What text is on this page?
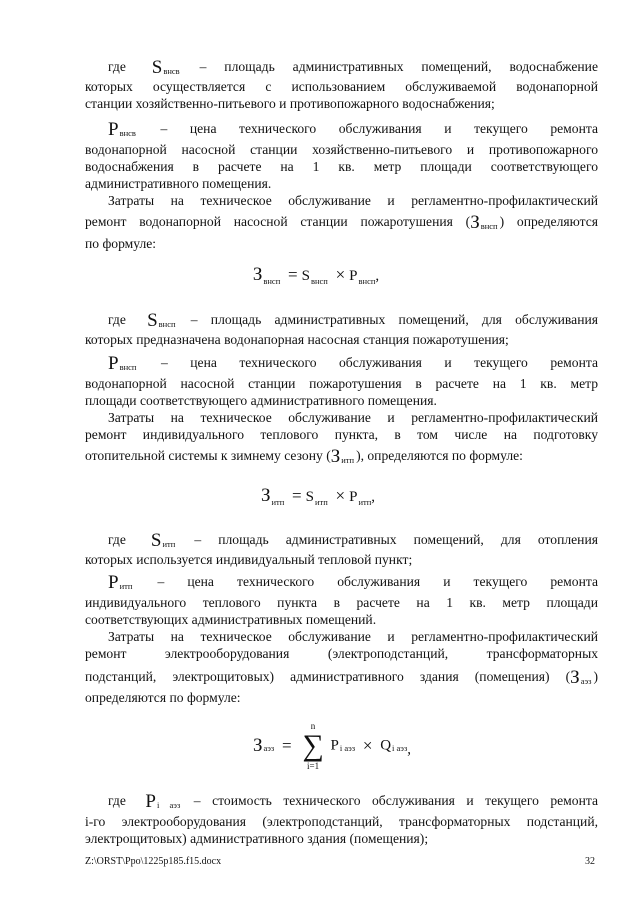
где $S_{внсв}$ – площадь административных помещений, водоснабжение

которых осуществляется с использованием обслуживаемой водонапорной

станции хозяйственно-питьевого и противопожарного водоснабжения;

$P_{внсв}$ – цена технического обслуживания и текущего ремонта

водонапорной насосной станции хозяйственно-питьевого и противопожарного

водоснабжения в расчете на 1 кв. метр площади соответствующего

административного помещения.

Затраты на техническое обслуживание и регламентно-профилактический

ремонт водонапорной насосной станции пожаротушения ($З_{внсп}$ ) определяются

по формуле:

$З_{внсп} = S_{внсп} \times P_{внсп}$,

где $S_{внсп}$ – площадь административных помещений, для обслуживания

которых предназначена водонапорная насосная станция пожаротушения;

$P_{внсп}$ – цена технического обслуживания и текущего ремонта

водонапорной насосной станции пожаротушения в расчете на 1 кв. метр

площади соответствующего административного помещения.

Затраты на техническое обслуживание и регламентно-профилактический

ремонт индивидуального теплового пункта, в том числе на подготовку

отопительной системы к зимнему сезону ($З_{итп}$ ), определяются по формуле:

$З_{итп} = S_{итп} \times P_{итп}$,

где $S_{итп}$ – площадь административных помещений, для отопления

которых используется индивидуальный тепловой пункт;

$P_{итп}$ – цена технического обслуживания и текущего ремонта

индивидуального теплового пункта в расчете на 1 кв. метр площади

соответствующих административных помещений.

Затраты на техническое обслуживание и регламентно-профилактический

ремонт электрооборудования (электроподстанций, трансформаторных

подстанций, электрощитовых) административного здания (помещения) ($З_{аэз}$ )

определяются по формуле:

Заэз =
n
∑
i=1
Pi аэз × Qi аэз,

где $P_{i аэз}$ – стоимость технического обслуживания и текущего ремонта

i-го электрооборудования (электроподстанций, трансформаторных подстанций,

электрощитовых) административного здания (помещения);

Z:\ORST\Ppo\1225p185.f15.docx	32
